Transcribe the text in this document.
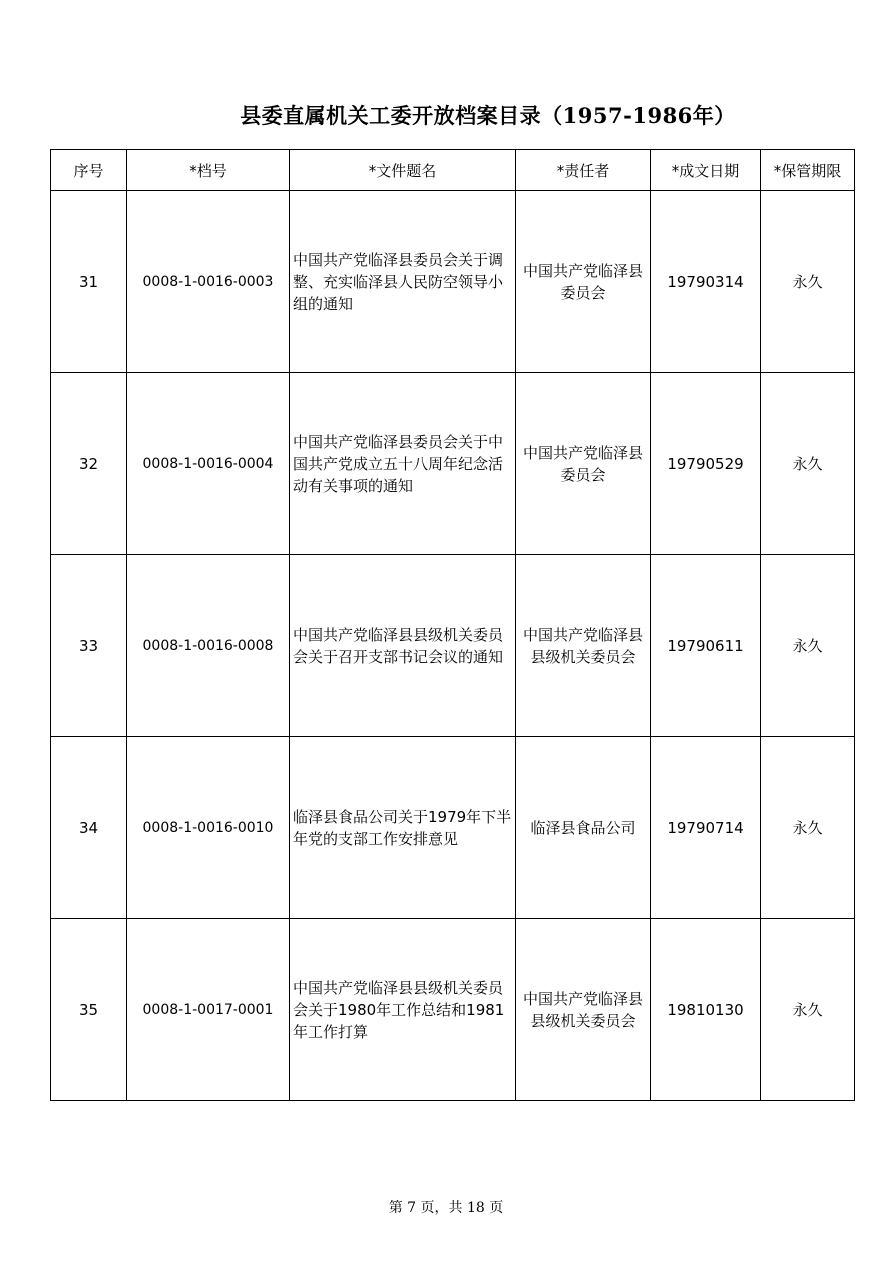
县委直属机关工委开放档案目录（1957-1986年）
序号	*档号	*文件题名	*责任者	*成文日期	*保管期限
31	0008-1-0016-0003	中国共产党临泽县委员会关于调整、充实临泽县人民防空领导小组的通知	中国共产党临泽县委员会	19790314	永久
32	0008-1-0016-0004	中国共产党临泽县委员会关于中国共产党成立五十八周年纪念活动有关事项的通知	中国共产党临泽县委员会	19790529	永久
33	0008-1-0016-0008	中国共产党临泽县县级机关委员会关于召开支部书记会议的通知	中国共产党临泽县县级机关委员会	19790611	永久
34	0008-1-0016-0010	临泽县食品公司关于1979年下半年党的支部工作安排意见	临泽县食品公司	19790714	永久
35	0008-1-0017-0001	中国共产党临泽县县级机关委员会关于1980年工作总结和1981年工作打算	中国共产党临泽县县级机关委员会	19810130	永久
第 7 页，共 18 页
